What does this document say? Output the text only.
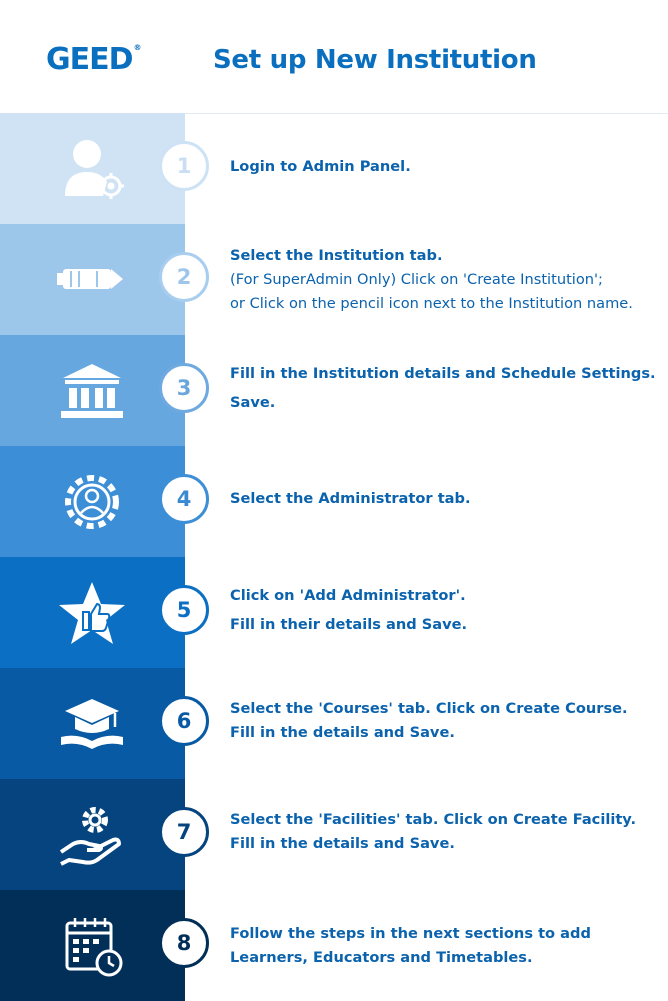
GEED®	Set up New Institution
1
2
3
4
5
6
7
8
Login to Admin Panel.
Select the Institution tab.
(For SuperAdmin Only) Click on 'Create Institution';
or Click on the pencil icon next to the Institution name.
Fill in the Institution details and Schedule Settings.
Save.
Select the Administrator tab.
Click on 'Add Administrator'.
Fill in their details and Save.
Select the 'Courses' tab. Click on Create Course.
Fill in the details and Save.
Select the 'Facilities' tab. Click on Create Facility.
Fill in the details and Save.
Follow the steps in the next sections to add
Learners, Educators and Timetables.
